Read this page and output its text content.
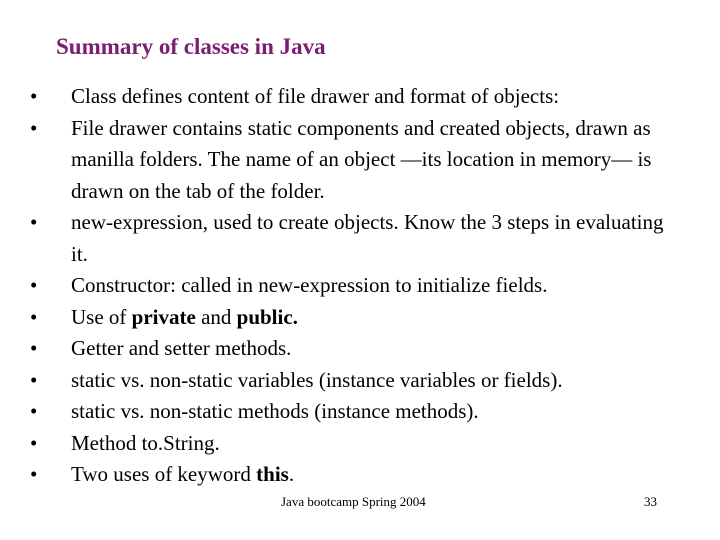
Summary of classes in Java
•	Class defines content of file drawer and format of objects:
•	File drawer contains static components and created objects, drawn as manilla folders. The name of an object —its location in memory— is drawn on the tab of the folder.
•	new-expression, used to create objects. Know the 3 steps in evaluating it.
•	Constructor: called in new-expression to initialize fields.
•	Use of private and public.
•	Getter and setter methods.
•	static vs. non-static variables (instance variables or fields).
•	static vs. non-static methods (instance methods).
•	Method to.String.
•	Two uses of keyword this.
Java bootcamp Spring 2004	33
